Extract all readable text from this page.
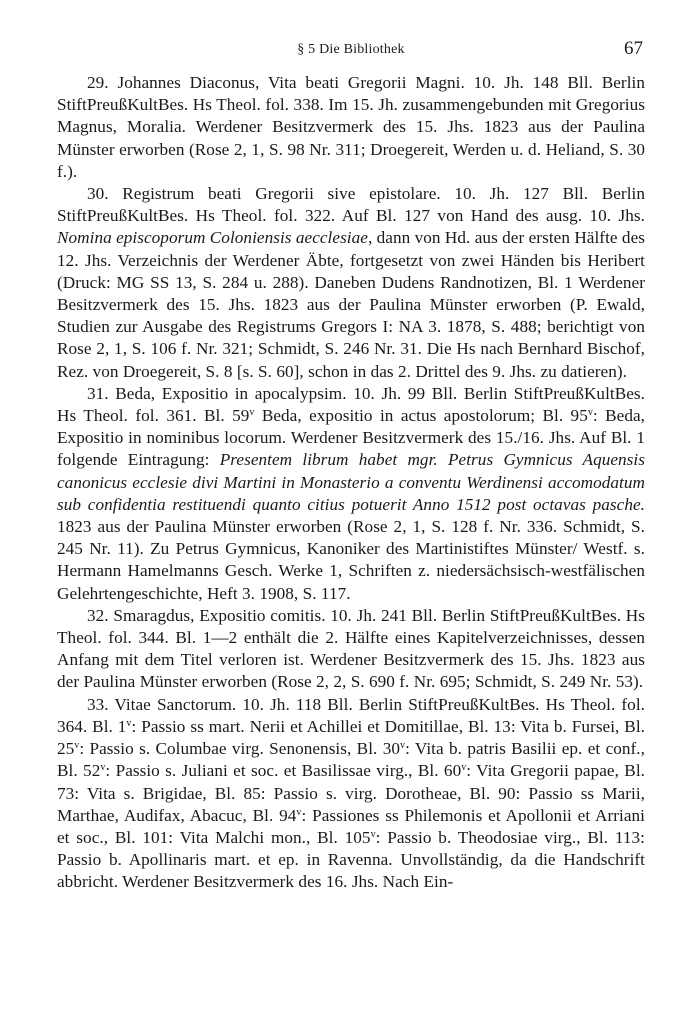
§ 5 Die Bibliothek	67

29. Johannes Diaconus, Vita beati Gregorii Magni. 10. Jh. 148 Bll. Berlin StiftPreußKultBes. Hs Theol. fol. 338. Im 15. Jh. zusammengebunden mit Gregorius Magnus, Moralia. Werdener Besitzvermerk des 15. Jhs. 1823 aus der Paulina Münster erworben (Rose 2, 1, S. 98 Nr. 311; Droegereit, Werden u. d. Heliand, S. 30 f.).

30. Registrum beati Gregorii sive epistolare. 10. Jh. 127 Bll. Berlin StiftPreußKultBes. Hs Theol. fol. 322. Auf Bl. 127 von Hand des ausg. 10. Jhs. Nomina episcoporum Coloniensis aecclesiae, dann von Hd. aus der ersten Hälfte des 12. Jhs. Verzeichnis der Werdener Äbte, fortgesetzt von zwei Händen bis Heribert (Druck: MG SS 13, S. 284 u. 288). Daneben Dudens Randnotizen, Bl. 1 Werdener Besitzvermerk des 15. Jhs. 1823 aus der Paulina Münster erworben (P. Ewald, Studien zur Ausgabe des Registrums Gregors I: NA 3. 1878, S. 488; berichtigt von Rose 2, 1, S. 106 f. Nr. 321; Schmidt, S. 246 Nr. 31. Die Hs nach Bernhard Bischof, Rez. von Droegereit, S. 8 [s. S. 60], schon in das 2. Drittel des 9. Jhs. zu datieren).

31. Beda, Expositio in apocalypsim. 10. Jh. 99 Bll. Berlin StiftPreußKultBes. Hs Theol. fol. 361. Bl. 59$^v$ Beda, expositio in actus apostolorum; Bl. 95$^v$: Beda, Expositio in nominibus locorum. Werdener Besitzvermerk des 15./16. Jhs. Auf Bl. 1 folgende Eintragung: Presentem librum habet mgr. Petrus Gymnicus Aquensis canonicus ecclesie divi Martini in Monasterio a conventu Werdinensi accomodatum sub confidentia restituendi quanto citius potuerit Anno 1512 post octavas pasche. 1823 aus der Paulina Münster erworben (Rose 2, 1, S. 128 f. Nr. 336. Schmidt, S. 245 Nr. 11). Zu Petrus Gymnicus, Kanoniker des Martinistiftes Münster/ Westf. s. Hermann Hamelmanns Gesch. Werke 1, Schriften z. niedersächsisch-westfälischen Gelehrtengeschichte, Heft 3. 1908, S. 117.

32. Smaragdus, Expositio comitis. 10. Jh. 241 Bll. Berlin StiftPreußKultBes. Hs Theol. fol. 344. Bl. 1—2 enthält die 2. Hälfte eines Kapitelverzeichnisses, dessen Anfang mit dem Titel verloren ist. Werdener Besitzvermerk des 15. Jhs. 1823 aus der Paulina Münster erworben (Rose 2, 2, S. 690 f. Nr. 695; Schmidt, S. 249 Nr. 53).

33. Vitae Sanctorum. 10. Jh. 118 Bll. Berlin StiftPreußKultBes. Hs Theol. fol. 364. Bl. 1$^v$: Passio ss mart. Nerii et Achillei et Domitillae, Bl. 13: Vita b. Fursei, Bl. 25$^v$: Passio s. Columbae virg. Senonensis, Bl. 30$^v$: Vita b. patris Basilii ep. et conf., Bl. 52$^v$: Passio s. Juliani et soc. et Basilissae virg., Bl. 60$^v$: Vita Gregorii papae, Bl. 73: Vita s. Brigidae, Bl. 85: Passio s. virg. Dorotheae, Bl. 90: Passio ss Marii, Marthae, Audifax, Abacuc, Bl. 94$^v$: Passiones ss Philemonis et Apollonii et Arriani et soc., Bl. 101: Vita Malchi mon., Bl. 105$^v$: Passio b. Theodosiae virg., Bl. 113: Passio b. Apollinaris mart. et ep. in Ravenna. Unvollständig, da die Handschrift abbricht. Werdener Besitzvermerk des 16. Jhs. Nach Ein-
